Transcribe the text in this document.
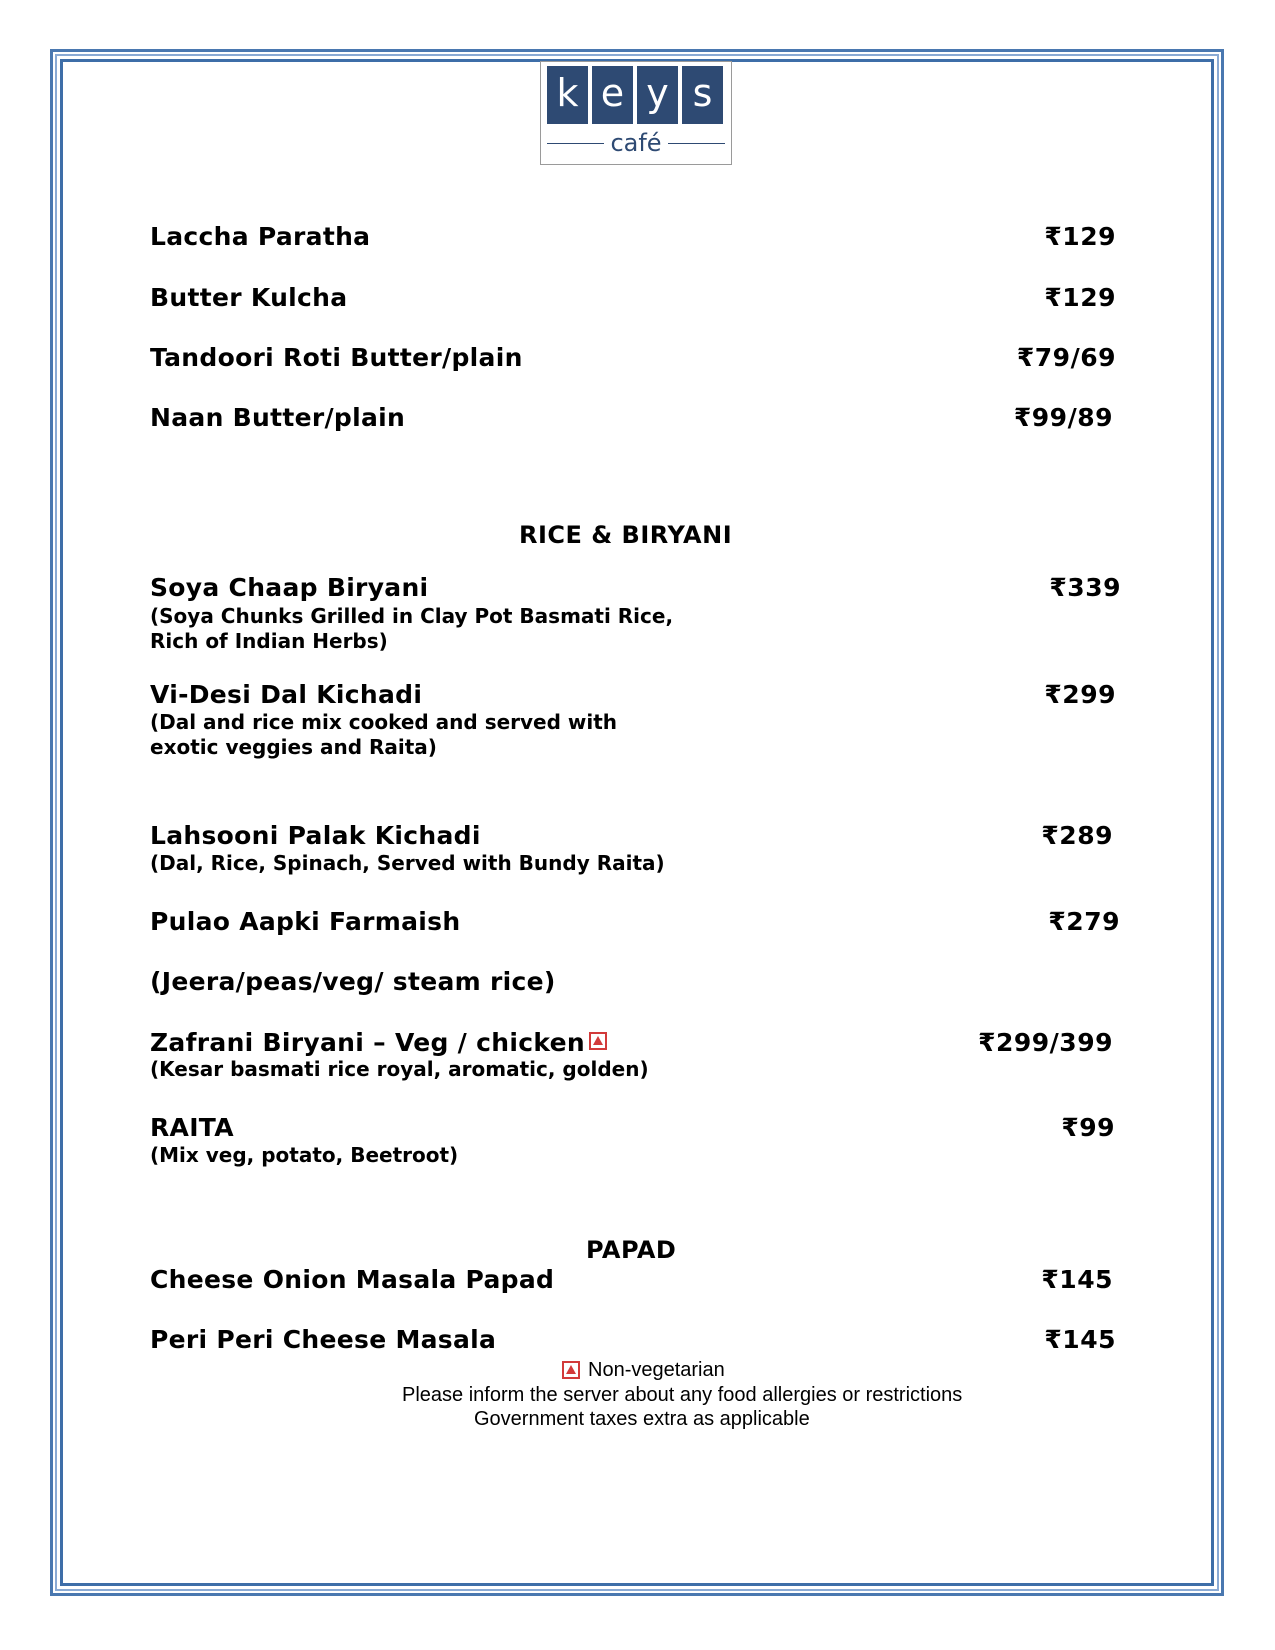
k e y s
café
Laccha Paratha	₹129
Butter Kulcha	₹129
Tandoori Roti Butter/plain	₹79/69
Naan Butter/plain	₹99/89
RICE & BIRYANI
Soya Chaap Biryani	₹339
(Soya Chunks Grilled in Clay Pot Basmati Rice,
Rich of Indian Herbs)
Vi-Desi Dal Kichadi	₹299
(Dal and rice mix cooked and served with
exotic veggies and Raita)
Lahsooni Palak Kichadi	₹289
(Dal, Rice, Spinach, Served with Bundy Raita)
Pulao Aapki Farmaish	₹279
(Jeera/peas/veg/ steam rice)
Zafrani Biryani – Veg / chicken	₹299/399
(Kesar basmati rice royal, aromatic, golden)
RAITA	₹99
(Mix veg, potato, Beetroot)
PAPAD
Cheese Onion Masala Papad	₹145
Peri Peri Cheese Masala	₹145
Non-vegetarian
Please inform the server about any food allergies or restrictions
Government taxes extra as applicable
